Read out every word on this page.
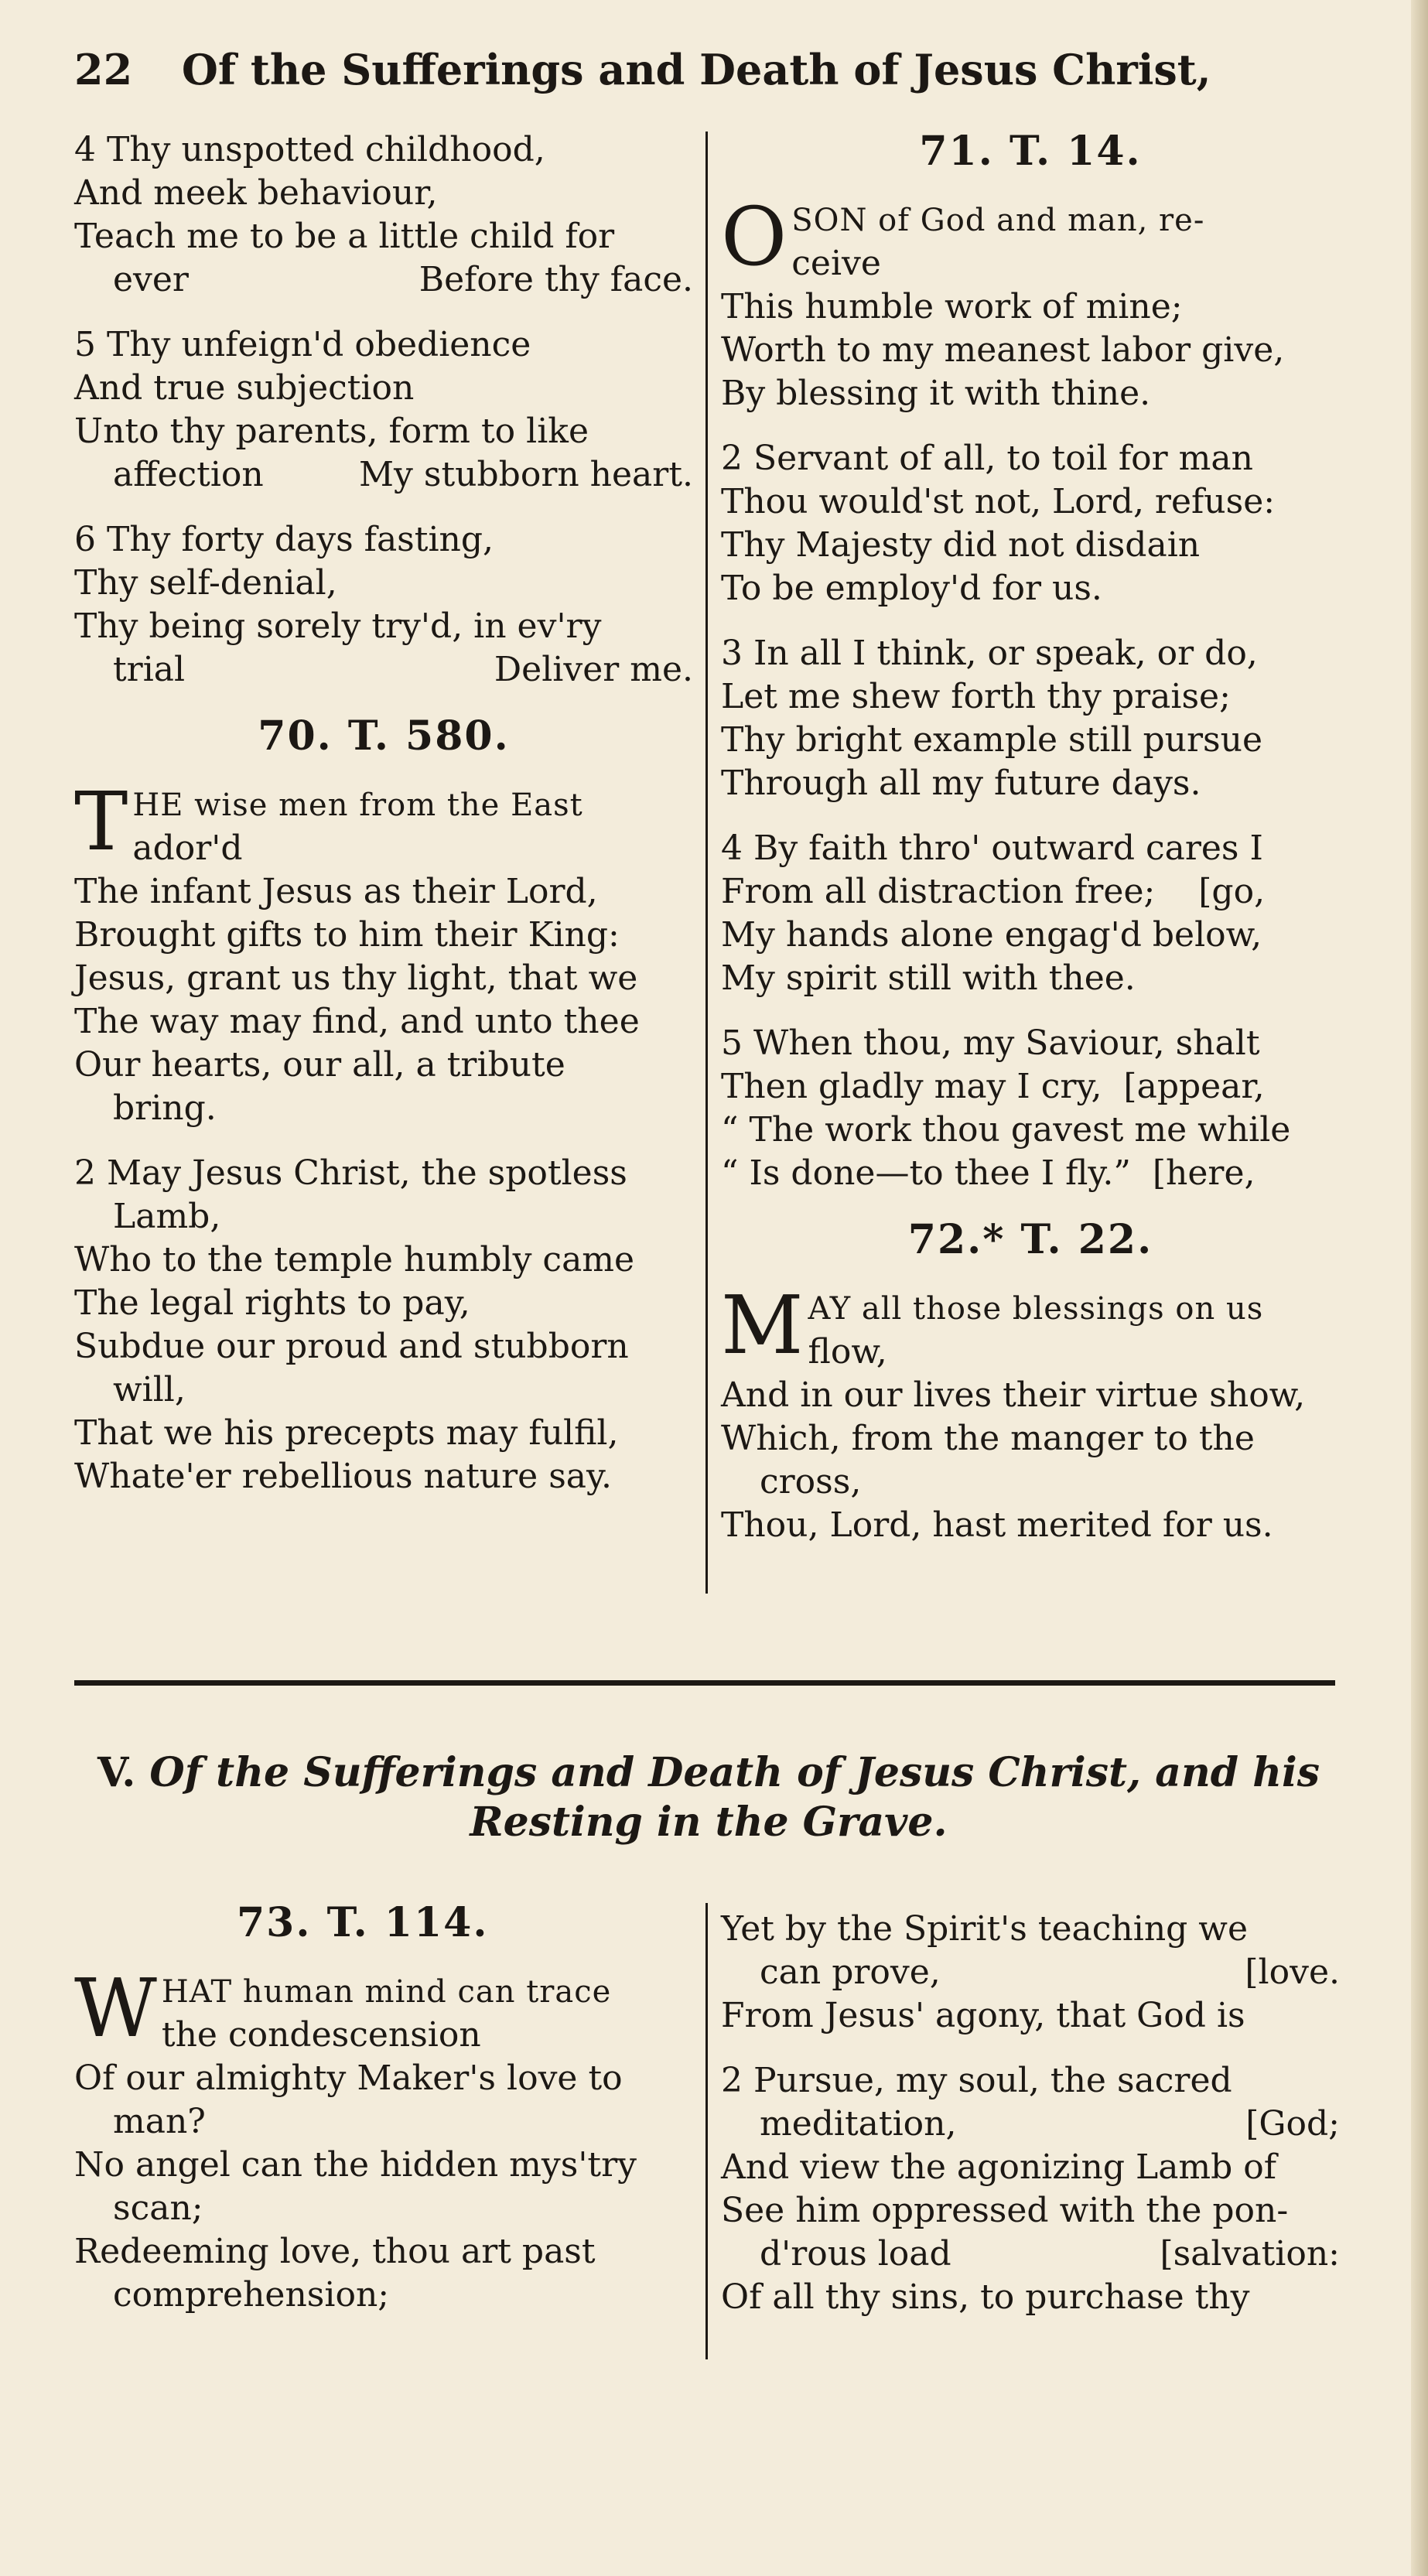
22 Of the Sufferings and Death of Jesus Christ,
4 Thy unspotted childhood,
And meek behaviour,
Teach me to be a little child for
ever	Before thy face.
5 Thy unfeign'd obedience
And true subjection
Unto thy parents, form to like
affection	My stubborn heart.
6 Thy forty days fasting,
Thy self-denial,
Thy being sorely try'd, in ev'ry
trial	Deliver me.
70. T. 580.
T HE wise men from the East
ador'd
The infant Jesus as their Lord,
Brought gifts to him their King:
Jesus, grant us thy light, that we
The way may find, and unto thee
Our hearts, our all, a tribute
bring.
2 May Jesus Christ, the spotless
Lamb,
Who to the temple humbly came
The legal rights to pay,
Subdue our proud and stubborn
will,
That we his precepts may fulfil,
Whate'er rebellious nature say.
71. T. 14.
O SON of God and man, re-
ceive
This humble work of mine;
Worth to my meanest labor give,
By blessing it with thine.
2 Servant of all, to toil for man
Thou would'st not, Lord, refuse:
Thy Majesty did not disdain
To be employ'd for us.
3 In all I think, or speak, or do,
Let me shew forth thy praise;
Thy bright example still pursue
Through all my future days.
4 By faith thro' outward cares I
From all distraction free;    [go,
My hands alone engag'd below,
My spirit still with thee.
5 When thou, my Saviour, shalt
Then gladly may I cry,  [appear,
“ The work thou gavest me while
“ Is done—to thee I fly.”  [here,
72.* T. 22.
M AY all those blessings on us
flow,
And in our lives their virtue show,
Which, from the manger to the
cross,
Thou, Lord, hast merited for us.
V. Of the Sufferings and Death of Jesus Christ, and his
Resting in the Grave.
73. T. 114.
W HAT human mind can trace
the condescension
Of our almighty Maker's love to
man?
No angel can the hidden mys'try
scan;
Redeeming love, thou art past
comprehension;
Yet by the Spirit's teaching we
can prove,	[love.
From Jesus' agony, that God is
2 Pursue, my soul, the sacred
meditation,	[God;
And view the agonizing Lamb of
See him oppressed with the pon-
d'rous load	[salvation:
Of all thy sins, to purchase thy
